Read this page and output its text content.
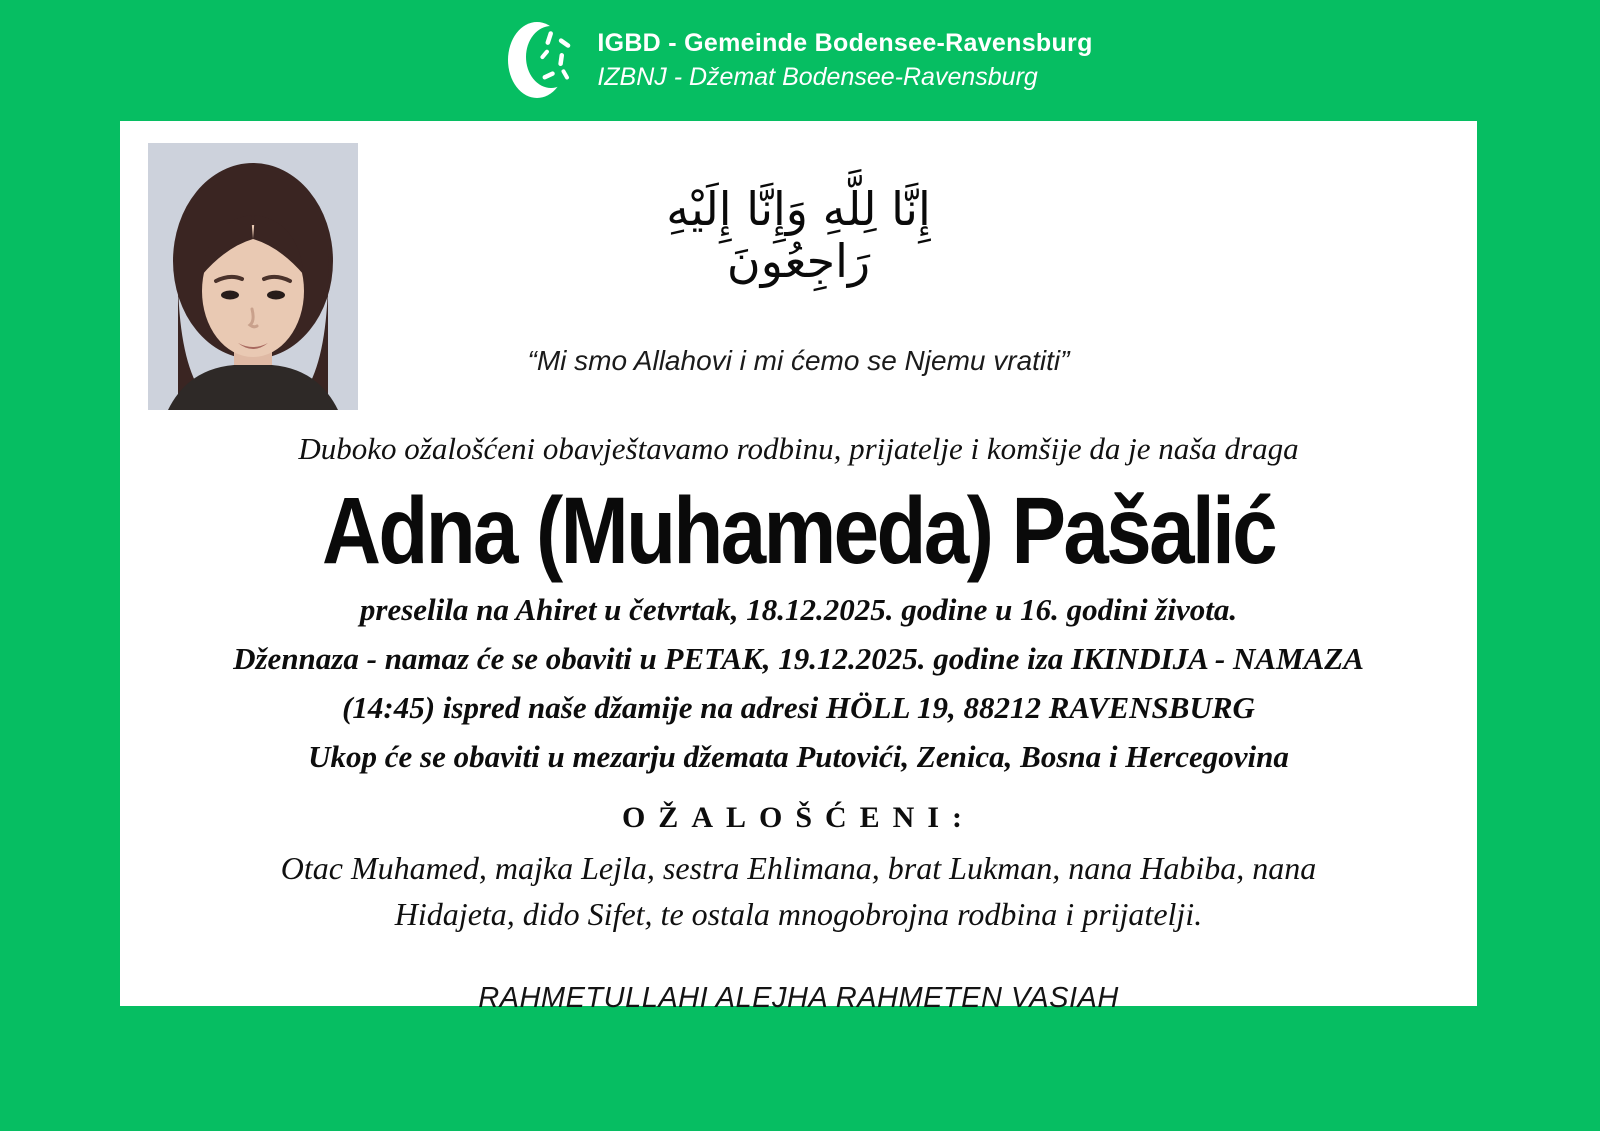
IGBD - Gemeinde Bodensee-Ravensburg
IZBNJ - Džemat Bodensee-Ravensburg
إِنَّا لِلَّهِ وَإِنَّا إِلَيْهِ رَاجِعُونَ

“Mi smo Allahovi i mi ćemo se Njemu vratiti”

Duboko ožalošćeni obavještavamo rodbinu, prijatelje i komšije da je naša draga

Adna (Muhameda) Pašalić

preselila na Ahiret u četvrtak, 18.12.2025. godine u 16. godini života.

Džennaza - namaz će se obaviti u PETAK, 19.12.2025. godine iza IKINDIJA - NAMAZA

(14:45) ispred naše džamije na adresi HÖLL 19, 88212 RAVENSBURG

Ukop će se obaviti u mezarju džemata Putovići, Zenica, Bosna i Hercegovina

OŽALOŠĆENI:

Otac Muhamed, majka Lejla, sestra Ehlimana, brat Lukman, nana Habiba, nana Hidajeta, dido Sifet, te ostala mnogobrojna rodbina i prijatelji.

RAHMETULLAHI ALEJHA RAHMETEN VASIAH
